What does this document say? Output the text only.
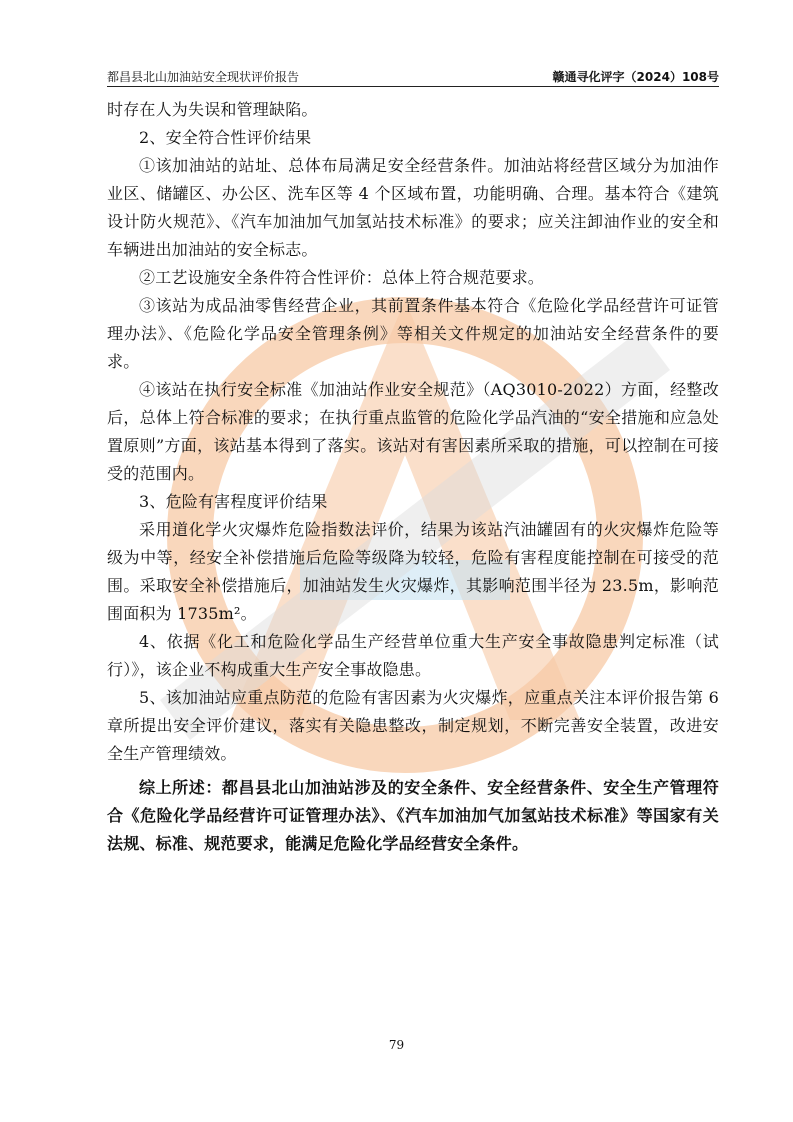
都昌县北山加油站安全现状评价报告	赣通寻化评字（2024）108号

时存在人为失误和管理缺陷。

2、安全符合性评价结果

①该加油站的站址、总体布局满足安全经营条件。加油站将经营区域分为加油作业区、储罐区、办公区、洗车区等 4 个区域布置，功能明确、合理。基本符合《建筑设计防火规范》、《汽车加油加气加氢站技术标准》的要求；应关注卸油作业的安全和车辆进出加油站的安全标志。

②工艺设施安全条件符合性评价：总体上符合规范要求。

③该站为成品油零售经营企业，其前置条件基本符合《危险化学品经营许可证管理办法》、《危险化学品安全管理条例》等相关文件规定的加油站安全经营条件的要求。

④该站在执行安全标准《加油站作业安全规范》（AQ3010-2022）方面，经整改后，总体上符合标准的要求；在执行重点监管的危险化学品汽油的“安全措施和应急处置原则”方面，该站基本得到了落实。该站对有害因素所采取的措施，可以控制在可接受的范围内。

3、危险有害程度评价结果

采用道化学火灾爆炸危险指数法评价，结果为该站汽油罐固有的火灾爆炸危险等级为中等，经安全补偿措施后危险等级降为较轻，危险有害程度能控制在可接受的范围。采取安全补偿措施后，加油站发生火灾爆炸，其影响范围半径为 23.5m，影响范围面积为 1735m²。

4、依据《化工和危险化学品生产经营单位重大生产安全事故隐患判定标准（试行）》，该企业不构成重大生产安全事故隐患。

5、该加油站应重点防范的危险有害因素为火灾爆炸，应重点关注本评价报告第 6 章所提出安全评价建议，落实有关隐患整改，制定规划，不断完善安全装置，改进安全生产管理绩效。

综上所述：都昌县北山加油站涉及的安全条件、安全经营条件、安全生产管理符合《危险化学品经营许可证管理办法》、《汽车加油加气加氢站技术标准》等国家有关法规、标准、规范要求，能满足危险化学品经营安全条件。

79
